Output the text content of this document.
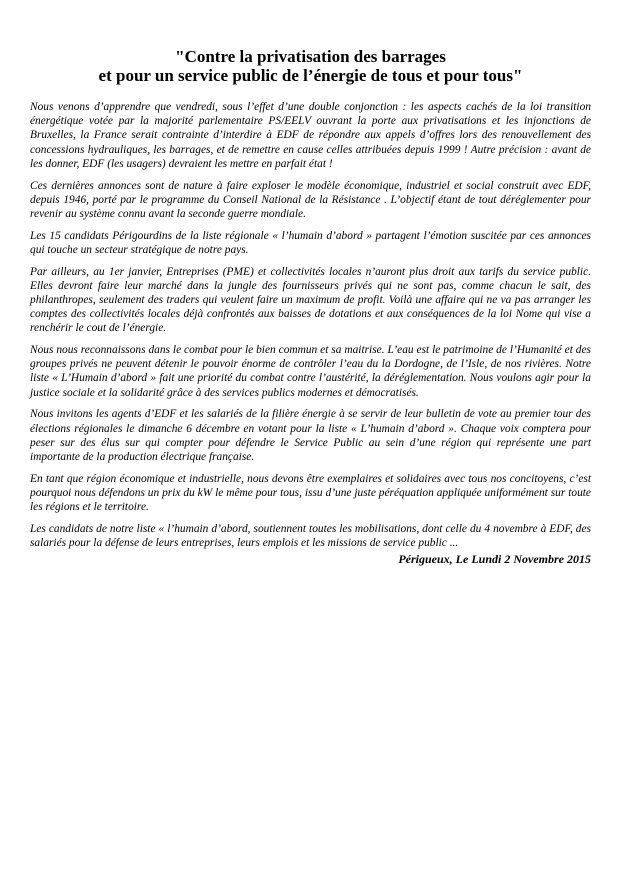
"Contre la privatisation des barrages
et pour un service public de l’énergie de tous et pour tous"

Nous venons d’apprendre que vendredi, sous l’effet d’une double conjonction : les aspects cachés de la loi transition énergétique votée par la majorité parlementaire PS/EELV ouvrant la porte aux privatisations et les injonctions de Bruxelles, la France serait contrainte d’interdire à EDF de répondre aux appels d’offres lors des renouvellement des concessions hydrauliques, les barrages, et de remettre en cause celles attribuées depuis 1999 ! Autre précision : avant de les donner, EDF (les usagers) devraient les mettre en parfait état !

Ces dernières annonces sont de nature à faire exploser le modèle économique, industriel et social construit avec EDF, depuis 1946, porté par le programme du Conseil National de la Résistance . L’objectif étant de tout déréglementer pour revenir au système connu avant la seconde guerre mondiale.

Les 15 candidats Périgourdins de la liste régionale « l’humain d’abord » partagent l’émotion suscitée par ces annonces qui touche un secteur stratégique de notre pays.

Par ailleurs, au 1er janvier, Entreprises (PME) et collectivités locales n’auront plus droit aux tarifs du service public. Elles devront faire leur marché dans la jungle des fournisseurs privés qui ne sont pas, comme chacun le sait, des philanthropes, seulement des traders qui veulent faire un maximum de profit. Voilà une affaire qui ne va pas arranger les comptes des collectivités locales déjà confrontés aux baisses de dotations et aux conséquences de la loi Nome qui vise a renchérir le cout de l’énergie.

Nous nous reconnaissons dans le combat pour le bien commun et sa maitrise. L’eau est le patrimoine de l’Humanité et des groupes privés ne peuvent détenir le pouvoir énorme de contrôler l’eau du la Dordogne, de l’Isle, de nos rivières. Notre liste « L’Humain d’abord » fait une priorité du combat contre l’austérité, la déréglementation. Nous voulons agir pour la justice sociale et la solidarité grâce à des services publics modernes et démocratisés.

Nous invitons les agents d’EDF et les salariés de la filière énergie à se servir de leur bulletin de vote au premier tour des élections régionales le dimanche 6 décembre en votant pour la liste « L’humain d’abord ». Chaque voix comptera pour peser sur des élus sur qui compter pour défendre le Service Public au sein d’une région qui représente une part importante de la production électrique française.

En tant que région économique et industrielle, nous devons être exemplaires et solidaires avec tous nos concitoyens, c’est pourquoi nous défendons un prix du kW le même pour tous, issu d’une juste péréquation appliquée uniformément sur toute les régions et le territoire.

Les candidats de notre liste « l’humain d’abord, soutiennent toutes les mobilisations, dont celle du 4 novembre à EDF, des salariés pour la défense de leurs entreprises, leurs emplois et les missions de service public ...

Périgueux, Le Lundi 2 Novembre 2015
